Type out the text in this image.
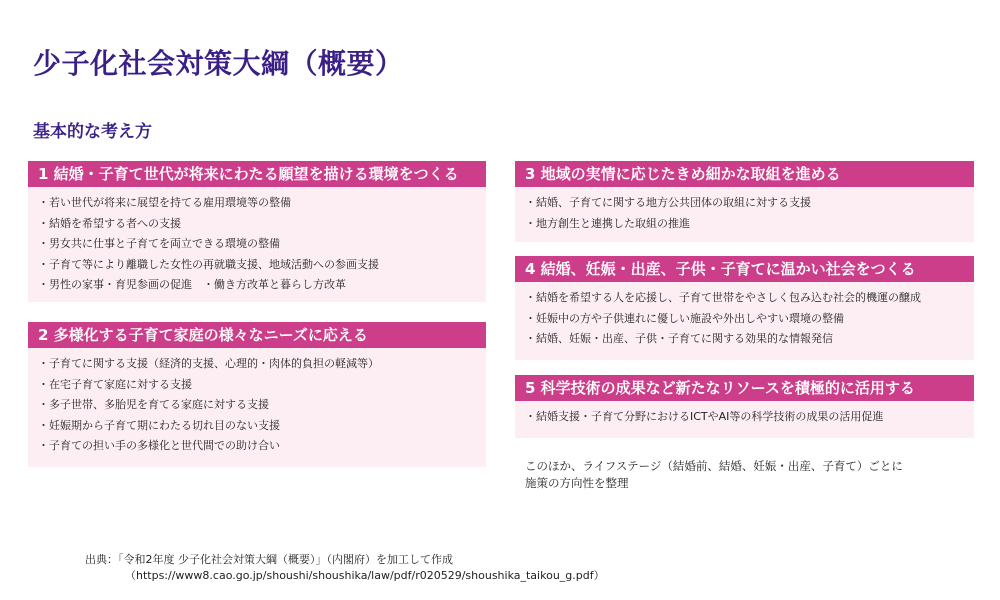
少子化社会対策大綱（概要）
基本的な考え方
1 結婚・子育て世代が将来にわたる願望を描ける環境をつくる
・若い世代が将来に展望を持てる雇用環境等の整備
・結婚を希望する者への支援
・男女共に仕事と子育てを両立できる環境の整備
・子育て等により離職した女性の再就職支援、地域活動への参画支援
・男性の家事・育児参画の促進　・働き方改革と暮らし方改革
2 多様化する子育て家庭の様々なニーズに応える
・子育てに関する支援（経済的支援、心理的・肉体的負担の軽減等）
・在宅子育て家庭に対する支援
・多子世帯、多胎児を育てる家庭に対する支援
・妊娠期から子育て期にわたる切れ目のない支援
・子育ての担い手の多様化と世代間での助け合い
3 地域の実情に応じたきめ細かな取組を進める
・結婚、子育てに関する地方公共団体の取組に対する支援
・地方創生と連携した取組の推進
4 結婚、妊娠・出産、子供・子育てに温かい社会をつくる
・結婚を希望する人を応援し、子育て世帯をやさしく包み込む社会的機運の醸成
・妊娠中の方や子供連れに優しい施設や外出しやすい環境の整備
・結婚、妊娠・出産、子供・子育てに関する効果的な情報発信
5 科学技術の成果など新たなリソースを積極的に活用する
・結婚支援・子育て分野におけるICTやAI等の科学技術の成果の活用促進
このほか、ライフステージ（結婚前、結婚、妊娠・出産、子育て）ごとに
施策の方向性を整理
出典：「令和2年度 少子化社会対策大綱（概要）」（内閣府）を加工して作成
（https://www8.cao.go.jp/shoushi/shoushika/law/pdf/r020529/shoushika_taikou_g.pdf）
